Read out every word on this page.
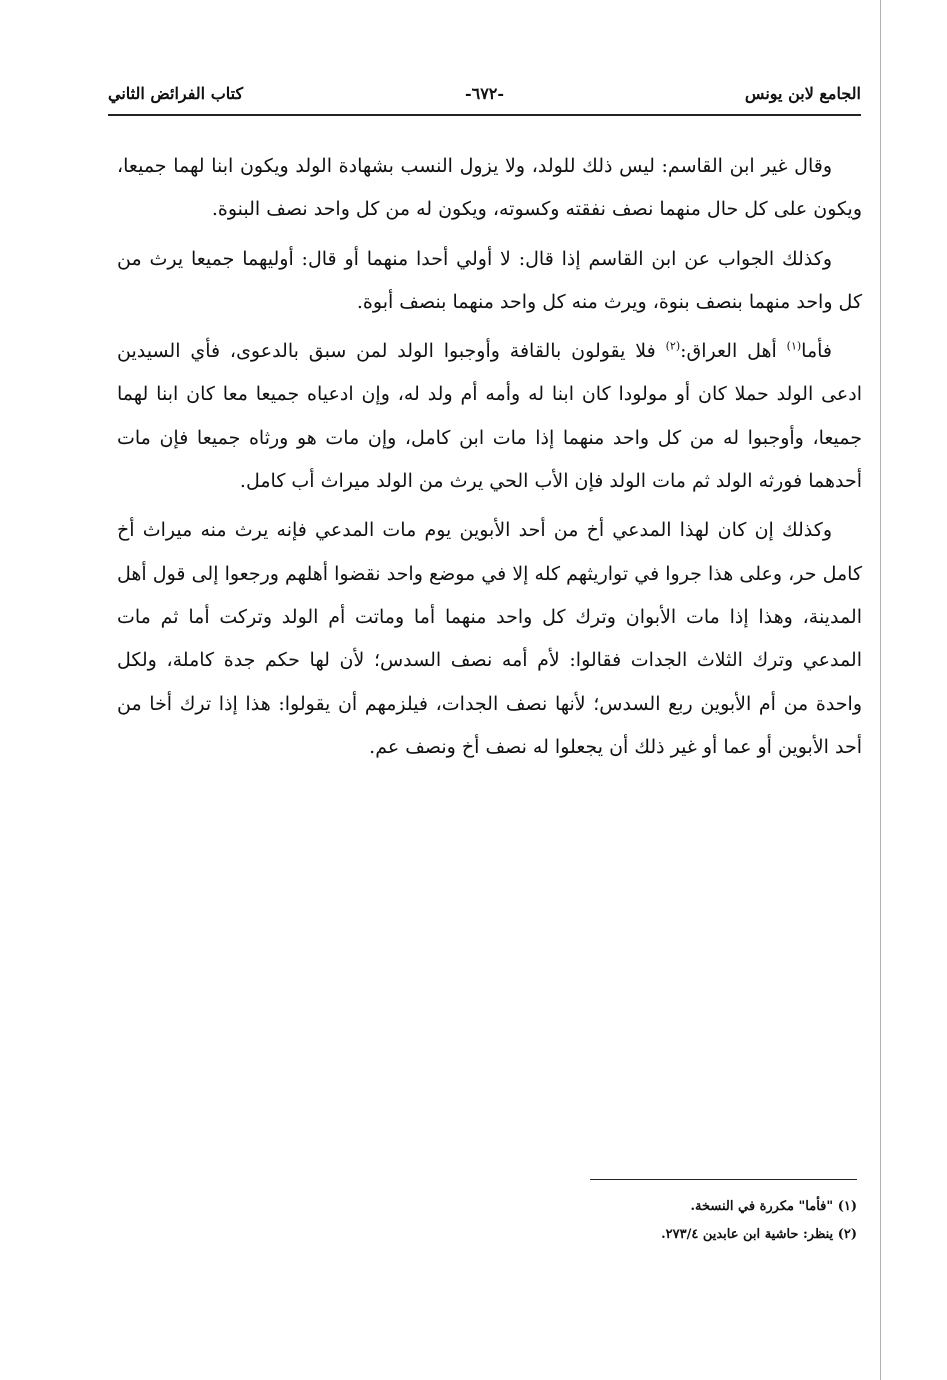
الجامع لابن يونس
-٦٧٢-
كتاب الفرائض الثاني

وقال غير ابن القاسم: ليس ذلك للولد، ولا يزول النسب بشهادة الولد ويكون ابنا لهما جميعا، ويكون على كل حال منهما نصف نفقته وكسوته، ويكون له من كل واحد نصف البنوة.

وكذلك الجواب عن ابن القاسم إذا قال: لا أولي أحدا منهما أو قال: أوليهما جميعا يرث من كل واحد منهما بنصف بنوة، ويرث منه كل واحد منهما بنصف أبوة.

فأما$^{(١)}$ أهل العراق:$^{(٢)}$ فلا يقولون بالقافة وأوجبوا الولد لمن سبق بالدعوى، فأي السيدين ادعى الولد حملا كان أو مولودا كان ابنا له وأمه أم ولد له، وإن ادعياه جميعا معا كان ابنا لهما جميعا، وأوجبوا له من كل واحد منهما إذا مات ابن كامل، وإن مات هو ورثاه جميعا فإن مات أحدهما فورثه الولد ثم مات الولد فإن الأب الحي يرث من الولد ميراث أب كامل.

وكذلك إن كان لهذا المدعي أخ من أحد الأبوين يوم مات المدعي فإنه يرث منه ميراث أخ كامل حر، وعلى هذا جروا في تواريثهم كله إلا في موضع واحد نقضوا أهلهم ورجعوا إلى قول أهل المدينة، وهذا إذا مات الأبوان وترك كل واحد منهما أما وماتت أم الولد وتركت أما ثم مات المدعي وترك الثلاث الجدات فقالوا: لأم أمه نصف السدس؛ لأن لها حكم جدة كاملة، ولكل واحدة من أم الأبوين ربع السدس؛ لأنها نصف الجدات، فيلزمهم أن يقولوا: هذا إذا ترك أخا من أحد الأبوين أو عما أو غير ذلك أن يجعلوا له نصف أخ ونصف عم.

(١) "فأما" مكررة في النسخة.
(٢) ينظر: حاشية ابن عابدين ٢٧٣/٤.
